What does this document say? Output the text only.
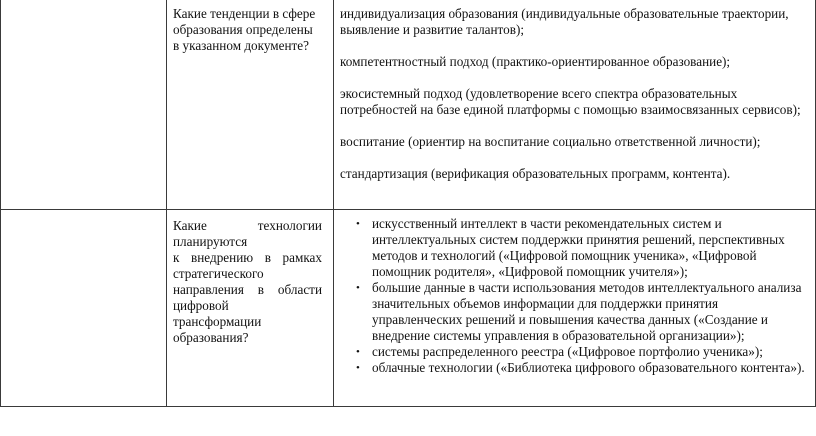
Какие тенденции в сфере
образования определены
в указанном документе?

индивидуализация образования (индивидуальные образовательные траектории, выявление и развитие талантов);

компетентностный подход (практико-ориентированное образование);

экосистемный подход (удовлетворение всего спектра образовательных потребностей на базе единой платформы с помощью взаимосвязанных сервисов);

воспитание (ориентир на воспитание социально ответственной личности);

стандартизация (верификация образовательных программ, контента).

Какие технологии
планируются
к внедрению в рамках
стратегического
направления в области
цифровой
трансформации
образования?
• искусственный интеллект в части рекомендательных систем и интеллектуальных систем поддержки принятия решений, перспективных методов и технологий («Цифровой помощник ученика», «Цифровой помощник родителя», «Цифровой помощник учителя»);
• большие данные в части использования методов интеллектуального анализа значительных объемов информации для поддержки принятия управленческих решений и повышения качества данных («Создание и внедрение системы управления в образовательной организации»);
• системы распределенного реестра («Цифровое портфолио ученика»);
• облачные технологии («Библиотека цифрового образовательного контента»).
